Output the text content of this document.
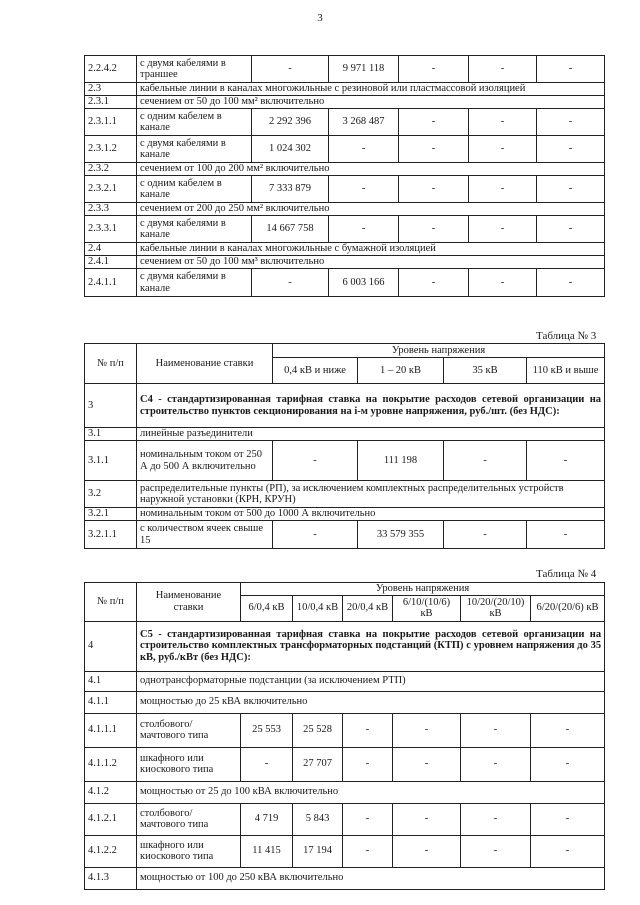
3
2.2.4.2	с двумя кабелями в траншее	-	9 971 118	-	-	-
2.3	кабельные линии в каналах многожильные с резиновой или пластмассовой изоляцией					
2.3.1	сечением от 50 до 100 мм² включительно					
2.3.1.1	с одним кабелем в канале	2 292 396	3 268 487	-	-	-
2.3.1.2	с двумя кабелями в канале	1 024 302	-	-	-	-
2.3.2	сечением от 100 до 200 мм² включительно					
2.3.2.1	с одним кабелем в канале	7 333 879	-	-	-	-
2.3.3	сечением от 200 до 250 мм² включительно					
2.3.3.1	с двумя кабелями в канале	14 667 758	-	-	-	-
2.4	кабельные линии в каналах многожильные с бумажной изоляцией					
2.4.1	сечением от 50 до 100 мм³ включительно					
2.4.1.1	с двумя кабелями в канале	-	6 003 166	-	-	-
Таблица № 3
№ п/п	Наименование ставки	Уровень напряжения			
		0,4 кВ и ниже	1 – 20 кВ	35 кВ	110 кВ и выше
3	С4 - стандартизированная тарифная ставка на покрытие расходов сетевой организации на строительство пунктов секционирования на i-м уровне напряжения, руб./шт. (без НДС):				
3.1	линейные разъединители				
3.1.1	номинальным током от 250 А до 500 А включительно	-	111 198	-	-
3.2	распределительные пункты (РП), за исключением комплектных распределительных устройств наружной установки (КРН, КРУН)				
3.2.1	номинальным током от 500 до 1000 А включительно				
3.2.1.1	с количеством ячеек свыше 15	-	33 579 355	-	-
Таблица № 4
№ п/п	Наименование ставки	Уровень напряжения					
		6/0,4 кВ	10/0,4 кВ	20/0,4 кВ	6/10/(10/6) кВ	10/20/(20/10) кВ	6/20/(20/6) кВ
4	С5 - стандартизированная тарифная ставка на покрытие расходов сетевой организации на строительство комплектных трансформаторных подстанций (КТП) с уровнем напряжения до 35 кВ, руб./кВт (без НДС):						
4.1	однотрансформаторные подстанции (за исключением РТП)						
4.1.1	мощностью до 25 кВА включительно						
4.1.1.1	столбового/ мачтового типа	25 553	25 528	-	-	-	-
4.1.1.2	шкафного или киоскового типа	-	27 707	-	-	-	-
4.1.2	мощностью от 25 до 100 кВА включительно						
4.1.2.1	столбового/ мачтового типа	4 719	5 843	-	-	-	-
4.1.2.2	шкафного или киоскового типа	11 415	17 194	-	-	-	-
4.1.3	мощностью от 100 до 250 кВА включительно						
